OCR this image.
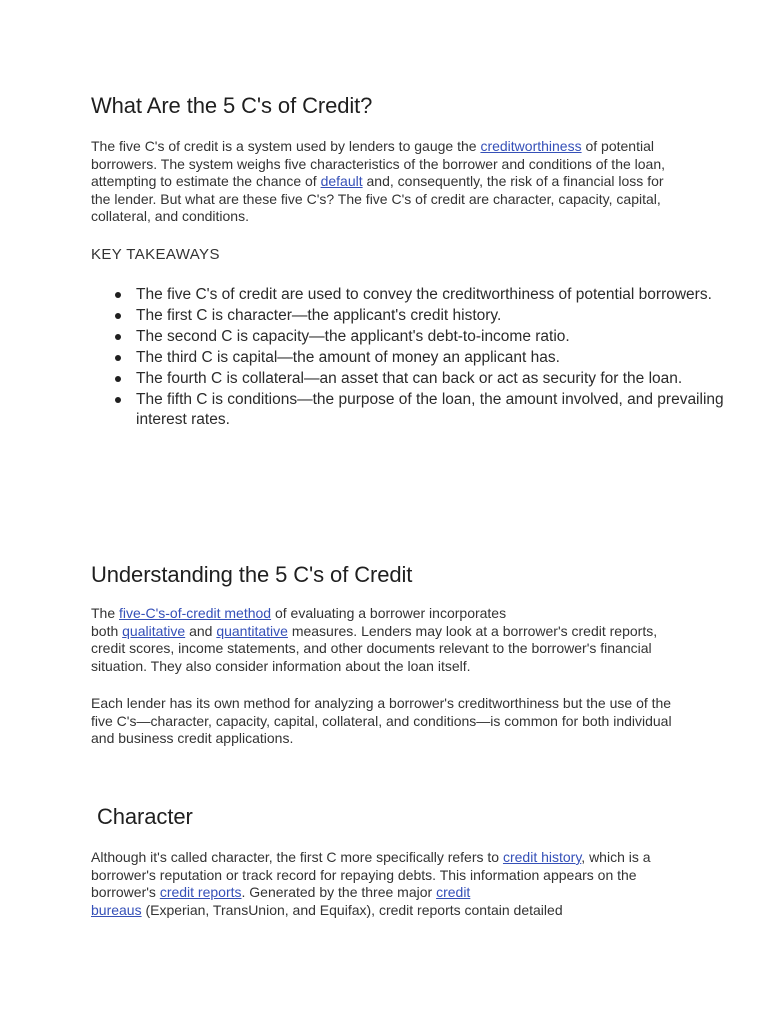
What Are the 5 C's of Credit?

The five C's of credit is a system used by lenders to gauge the creditworthiness of potential borrowers. The system weighs five characteristics of the borrower and conditions of the loan, attempting to estimate the chance of default and, consequently, the risk of a financial loss for the lender. But what are these five C's? The five C's of credit are character, capacity, capital, collateral, and conditions.

KEY TAKEAWAYS
The five C's of credit are used to convey the creditworthiness of potential borrowers.
The first C is character—the applicant's credit history.
The second C is capacity—the applicant's debt-to-income ratio.
The third C is capital—the amount of money an applicant has.
The fourth C is collateral—an asset that can back or act as security for the loan.
The fifth C is conditions—the purpose of the loan, the amount involved, and prevailing interest rates.
Understanding the 5 C's of Credit

The five-C's-of-credit method of evaluating a borrower incorporates
both qualitative and quantitative measures. Lenders may look at a borrower's credit reports, credit scores, income statements, and other documents relevant to the borrower's financial situation. They also consider information about the loan itself.

Each lender has its own method for analyzing a borrower's creditworthiness but the use of the five C's—character, capacity, capital, collateral, and conditions—is common for both individual and business credit applications.

Character

Although it's called character, the first C more specifically refers to credit history, which is a borrower's reputation or track record for repaying debts. This information appears on the borrower's credit reports. Generated by the three major credit
bureaus (Experian, TransUnion, and Equifax), credit reports contain detailed
